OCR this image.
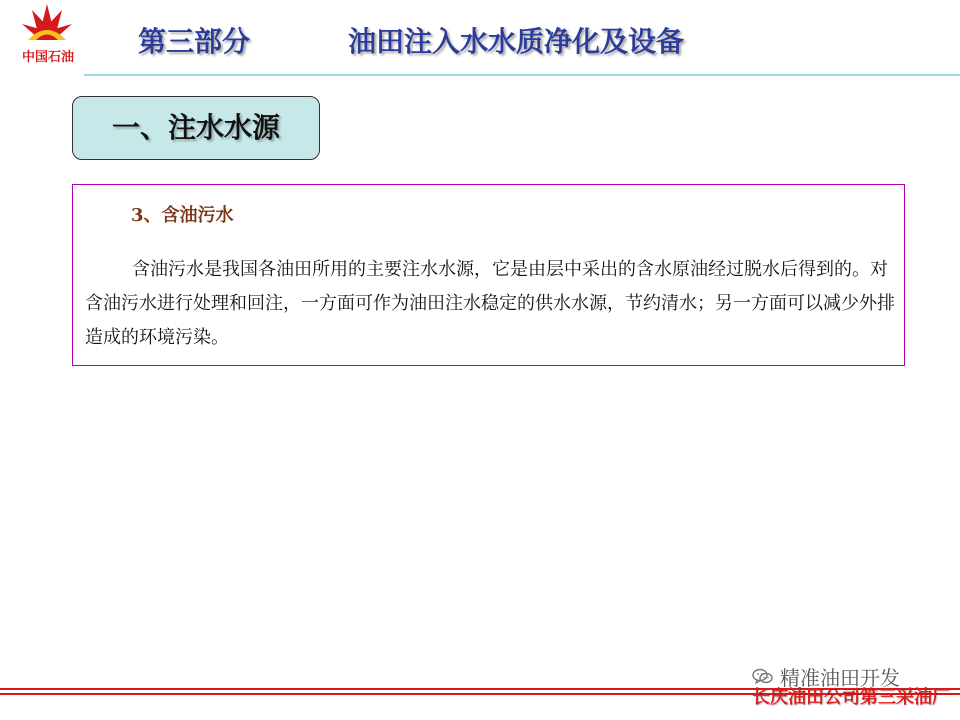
中国石油	第三部分	油田注入水水质净化及设备
一、注水水源
3、含油污水

含油污水是我国各油田所用的主要注水水源，它是由层中采出的含水原油经过脱水后得到的。对含油污水进行处理和回注，一方面可作为油田注水稳定的供水水源，节约清水；另一方面可以减少外排造成的环境污染。

精准油田开发
长庆油田公司第三采油厂
